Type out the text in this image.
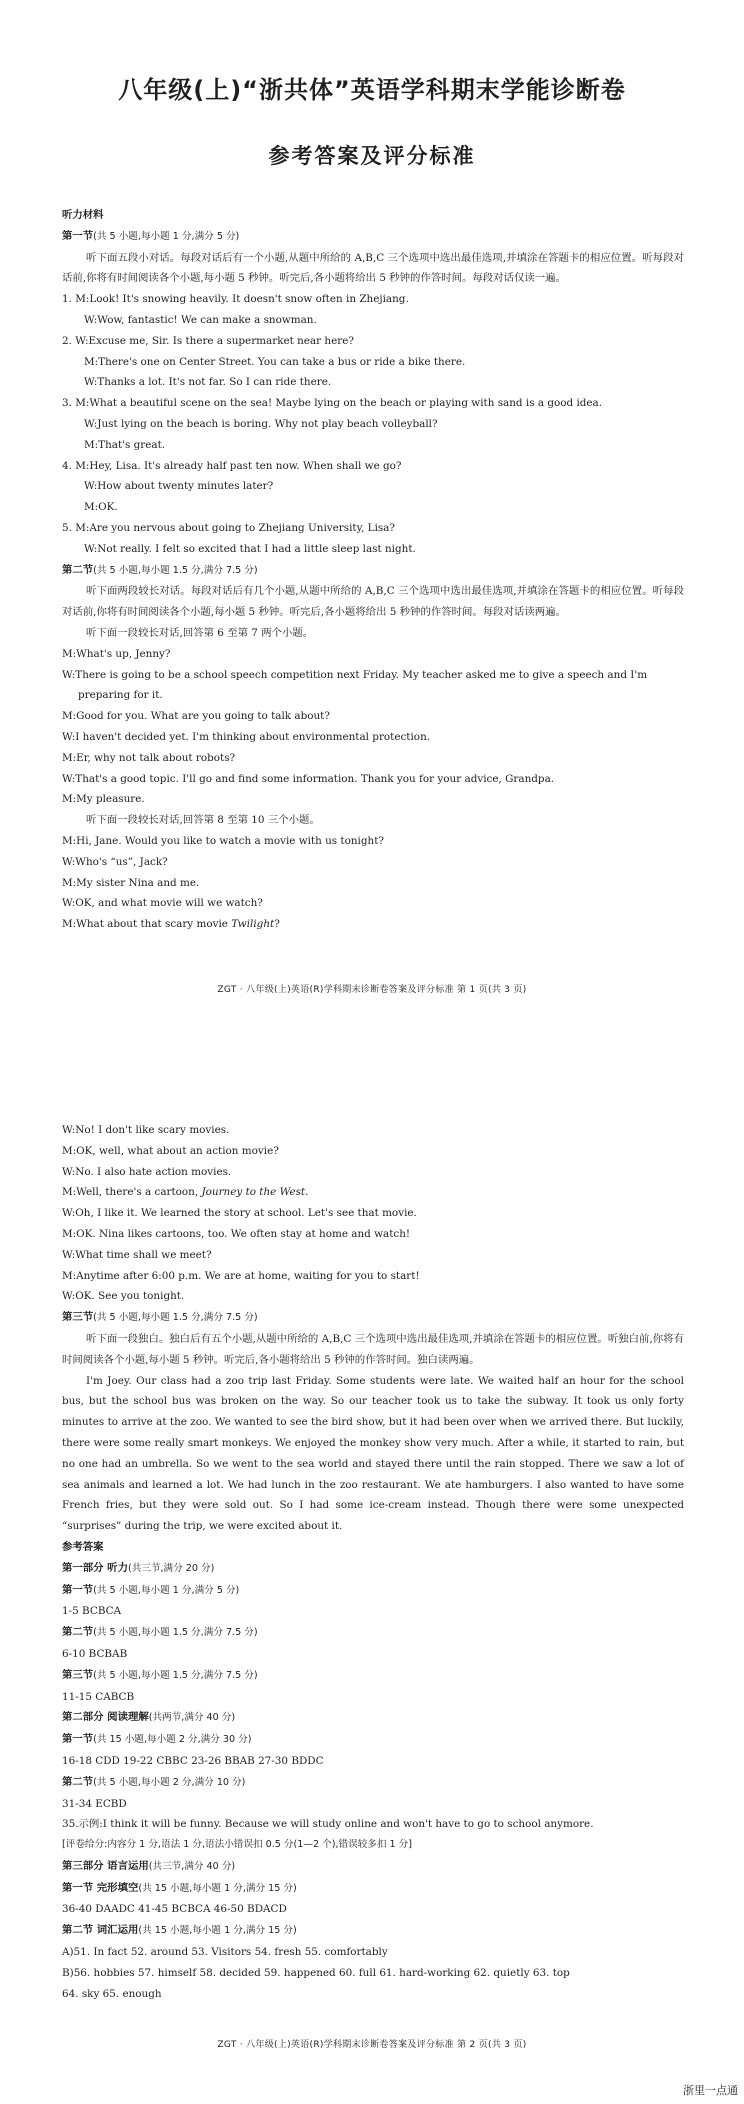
八年级(上)“浙共体”英语学科期末学能诊断卷
参考答案及评分标准
听力材料
第一节(共 5 小题,每小题 1 分,满分 5 分)
听下面五段小对话。每段对话后有一个小题,从题中所给的 A,B,C 三个选项中选出最佳选项,并填涂在答题卡的相应位置。听每段对话前,你将有时间阅读各个小题,每小题 5 秒钟。听完后,各小题将给出 5 秒钟的作答时间。每段对话仅读一遍。
1. M:Look! It's snowing heavily. It doesn't snow often in Zhejiang.
W:Wow, fantastic! We can make a snowman.
2. W:Excuse me, Sir. Is there a supermarket near here?
M:There's one on Center Street. You can take a bus or ride a bike there.
W:Thanks a lot. It's not far. So I can ride there.
3. M:What a beautiful scene on the sea! Maybe lying on the beach or playing with sand is a good idea.
W:Just lying on the beach is boring. Why not play beach volleyball?
M:That's great.
4. M:Hey, Lisa. It's already half past ten now. When shall we go?
W:How about twenty minutes later?
M:OK.
5. M:Are you nervous about going to Zhejiang University, Lisa?
W:Not really. I felt so excited that I had a little sleep last night.
第二节(共 5 小题,每小题 1.5 分,满分 7.5 分)
听下面两段较长对话。每段对话后有几个小题,从题中所给的 A,B,C 三个选项中选出最佳选项,并填涂在答题卡的相应位置。听每段对话前,你将有时间阅读各个小题,每小题 5 秒钟。听完后,各小题将给出 5 秒钟的作答时间。每段对话读两遍。
听下面一段较长对话,回答第 6 至第 7 两个小题。
M:What's up, Jenny?
W:There is going to be a school speech competition next Friday. My teacher asked me to give a speech and I'm preparing for it.
M:Good for you. What are you going to talk about?
W:I haven't decided yet. I'm thinking about environmental protection.
M:Er, why not talk about robots?
W:That's a good topic. I'll go and find some information. Thank you for your advice, Grandpa.
M:My pleasure.
听下面一段较长对话,回答第 8 至第 10 三个小题。
M:Hi, Jane. Would you like to watch a movie with us tonight?
W:Who's “us”, Jack?
M:My sister Nina and me.
W:OK, and what movie will we watch?
M:What about that scary movie Twilight?
ZGT · 八年级(上)英语(R)学科期末诊断卷答案及评分标准 第 1 页(共 3 页)
W:No! I don't like scary movies.
M:OK, well, what about an action movie?
W:No. I also hate action movies.
M:Well, there's a cartoon, Journey to the West.
W:Oh, I like it. We learned the story at school. Let's see that movie.
M:OK. Nina likes cartoons, too. We often stay at home and watch!
W:What time shall we meet?
M:Anytime after 6:00 p.m. We are at home, waiting for you to start!
W:OK. See you tonight.
第三节(共 5 小题,每小题 1.5 分,满分 7.5 分)
听下面一段独白。独白后有五个小题,从题中所给的 A,B,C 三个选项中选出最佳选项,并填涂在答题卡的相应位置。听独白前,你将有时间阅读各个小题,每小题 5 秒钟。听完后,各小题将给出 5 秒钟的作答时间。独白读两遍。
I'm Joey. Our class had a zoo trip last Friday. Some students were late. We waited half an hour for the school bus, but the school bus was broken on the way. So our teacher took us to take the subway. It took us only forty minutes to arrive at the zoo. We wanted to see the bird show, but it had been over when we arrived there. But luckily, there were some really smart monkeys. We enjoyed the monkey show very much. After a while, it started to rain, but no one had an umbrella. So we went to the sea world and stayed there until the rain stopped. There we saw a lot of sea animals and learned a lot. We had lunch in the zoo restaurant. We ate hamburgers. I also wanted to have some French fries, but they were sold out. So I had some ice-cream instead. Though there were some unexpected “surprises” during the trip, we were excited about it.
参考答案
第一部分 听力(共三节,满分 20 分)
第一节(共 5 小题,每小题 1 分,满分 5 分)
1-5 BCBCA
第二节(共 5 小题,每小题 1.5 分,满分 7.5 分)
6-10 BCBAB
第三节(共 5 小题,每小题 1.5 分,满分 7.5 分)
11-15 CABCB
第二部分 阅读理解(共两节,满分 40 分)
第一节(共 15 小题,每小题 2 分,满分 30 分)
16-18 CDD 19-22 CBBC 23-26 BBAB 27-30 BDDC
第二节(共 5 小题,每小题 2 分,满分 10 分)
31-34 ECBD
35.示例:I think it will be funny. Because we will study online and won't have to go to school anymore.
[评卷给分:内容分 1 分,语法 1 分,语法小错误扣 0.5 分(1—2 个),错误较多扣 1 分]
第三部分 语言运用(共三节,满分 40 分)
第一节 完形填空(共 15 小题,每小题 1 分,满分 15 分)
36-40 DAADC 41-45 BCBCA 46-50 BDACD
第二节 词汇运用(共 15 小题,每小题 1 分,满分 15 分)
A)51. In fact 52. around 53. Visitors 54. fresh 55. comfortably
B)56. hobbies 57. himself 58. decided 59. happened 60. full 61. hard-working 62. quietly 63. top
64. sky 65. enough
ZGT · 八年级(上)英语(R)学科期末诊断卷答案及评分标准 第 2 页(共 3 页)
浙里一点通
